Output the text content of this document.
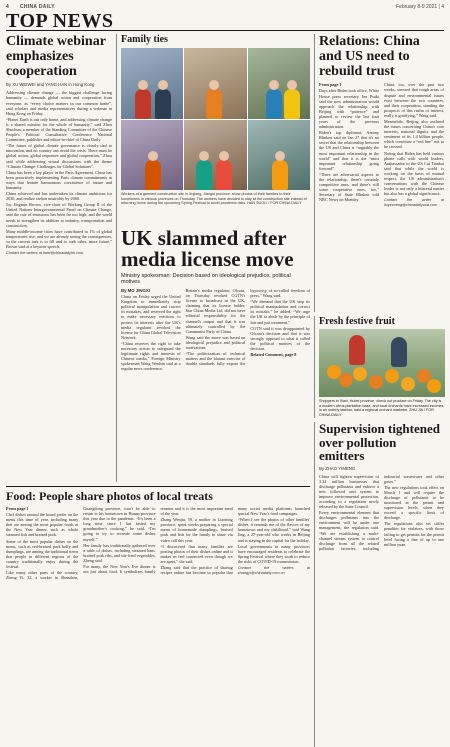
4 CHINA DAILY	February 8-9 2021 | 4
TOP NEWS
Climate webinar emphasizes cooperation
By XU WEIWEI and YANG HAN in Hong Kong

Addressing climate change — the biggest challenge facing humanity — demands global action and cooperation from everyone, as “every choice matters in our common home”, said scholars and media representatives during a webinar in Hong Kong on Friday.

“Planet Earth is our only home, and addressing climate change is a shared mission for the whole of humanity,” said Zhou Shuchun, a member of the Standing Committee of the Chinese People's Political Consultative Conference National Committee, publisher and editor-in-chief of China Daily.

“The future of global climate governance is closely tied to innovation, and no country can avoid the crisis. There must be global action, global responses and global cooperation,” Zhou said while addressing virtual discussions with the theme “Climate Change: Challenges for Global Solutions”.

China has been a key player in the Paris Agreement. China has been proactively implementing Paris climate commitments in ways that feature harmonious coexistence of nature and humanity.

China achieved and has undertaken its climate ambitions for 2030, and realize carbon neutrality by 2060.

Joy Jingmin Brown, vice-chair of Working Group II of the United Nations Intergovernmental Panel on Climate Change, said the rate of emissions has been far too high, and the world needs to strengthen its abilities to industry, transportation and construction.

Many middle-income cities have contributed to 1% of global temperatures rise, and we are already seeing the consequences, so the current task is to fill and to curb other, more future,” Brown said at a keynote speech.

Contact the writers at liwei@chinadailyhk.com
Family ties
Workers at a garment construction site in Xujiang, Jiangxi province, show photos of their families to their hometowns in various provinces on Thursday. The workers have decided to stay at the construction site instead of returning home during the upcoming Spring Festival to avoid pandemic risks. HAN SUOLI / FOR CHINA DAILY
Relations: China and US need to rebuild trust

From page 1

Days after Biden took office, White House press secretary Jen Psaki said the new administration would approach the relationship with Beijing with “patience” and planned to review the last four years of the previous administration.

Biden's top diplomat, Antony Blinken said on Jan 27 that it's no secret that the relationship between the US and China is “arguably the most important relationship in the world” and that it is the “most important relationship going forward”.

“There are adversarial aspects to the relationship, there's certainly competitive ones, and there's still some cooperative ones, too,” Secretary of State Blinken told NBC News on Monday.

China, too, over the past two weeks, stressed that tough areas of dispute and environmental issues exist between the two countries, and their cooperation, standing the prospects of this realm of interest, really is gratifying,” Wang said.

Meanwhile, Beijing also outlined the issues concerning China's core interests, national dignity and the sentiment of its 1.4 billion people, which constitute a “red line” not to be crossed.

Noting that Biden has held various phone calls with world leaders, Ambassador to the US Cui Tiankai said that while the world is working on the basis of mutual respect, the US administration's conversations with the Chinese leader is not only a bilateral matter but also has a global significance.

Contact the writer at liuyinmeng@chinadailyusa.com

UK slammed after media license move
Ministry spokesman: Decision based on ideological prejudice, political motives

By MO JINGXI

China on Friday urged the United Kingdom to immediately stop political manipulation and correct its mistakes, and reserved the right to make necessary reactions to protect its interests after the UK's media regulator revoked the license for China Global Television Network.

“China reserves the right to take necessary action to safeguard the legitimate rights and interests of Chinese media,” Foreign Ministry spokesman Wang Wenbin said at a regular news conference.

Britain's media regulator, Ofcom, on Thursday revoked CGTN's license to broadcast in the UK, claiming that its license holder, Star China Media Ltd, did not have editorial responsibility for the channel's output and that it was ultimately controlled by the Communist Party of China.

Wang said the move was based on ideological prejudice and political motivations.

“The politicization of technical matters and the blatant exercise of double standards fully expose the hypocrisy of so-called freedom of press,” Wang said.

“We demand that the UK stop its political manipulation and correct its mistake,” he added. “We urge the UK to abide by the principle of fair and just treatment.”

CGTN said it was disappointed by Ofcom's decision and that it was strongly opposed to what it called the political motives of the decision.

Related Comment, page 8

Fresh festive fruit
Shoppers in Xiaxi, Hubei province, check out produce on Friday. The city is a modern citrus plantation base, and local orchards have increased incomes in an orderly fashion, said a regional orchard marketer. ZHU JIA / FOR CHINA DAILY
Supervision tightened over pollution emitters
By ZHAO YIMENG

China will tighten supervision of 3.34 million businesses that discharge pollutants and enforce a new followed unit system to improve environmental protection, according to a regulation newly released by the State Council.

Every environmental element that discharges pollutants into the environment will be under one management, the regulation said. “We are establishing a multi-channel stream system to control discharge from all the related pollution factories, including industrial wastewater and other gases.”

The new regulations took effect on March 1 and will require the discharge of pollutants to be monitored at the permit and supervision levels, when they exceed a specific limit of discharge.

The regulations also set stiffer penalties for violators, with those failing to get permits for the permit level facing a fine of up to one million yuan.

Food: People share photos of local treats

From page 1

Chef dishes around the board prefer on the menu this time of year, including many that are among the most popular foods at the New Year dinner, such as whole steamed fish and braised pork.

Some of the most popular dishes on the menu, such as red-braised pork belly and dumplings, are among the traditional items that people in different regions of the country traditionally enjoy during the festival.

Like many other parts of the country, Zheng Yi, 32, a worker in Shenzhen, Guangdong province, won't be able to return to his hometown in Hunan province this year due to the pandemic. “It's been a long time since I last tasted my grandmother's cooking,” he said. “I'm going to try to recreate some dishes myself.”

Her family has traditionally gathered over a table of dishes, including steamed ham, braised pork ribs, and stir-fried vegetables, Zheng said.

For many, the New Year's Eve dinner is not just about food. It symbolizes family reunion and it is the most important meal of the year.

Zhang Wenjiu, 59, a mother in Liaoning province, spent weeks preparing a special menu of homemade dumplings, braised pork and fish for the family to share via video call this year.

“I discovered that many families are posting photos of their dishes online and it makes us feel connected even though we are apart,” she said.

Zhang said that the practice of sharing recipes online has become so popular that many social media platforms launched special New Year's food campaigns.

“When I see the photos of other families' dishes, it reminds me of the flavors of my hometown and my childhood,” said Wang Jing, a 27-year-old who works in Beijing and is staying in the capital for the holiday.

Local governments in many provinces have encouraged residents to celebrate the Spring Festival where they work to reduce the risks of COVID-19 transmission.

Contact the writers at zhangyi@chinadaily.com.cn
